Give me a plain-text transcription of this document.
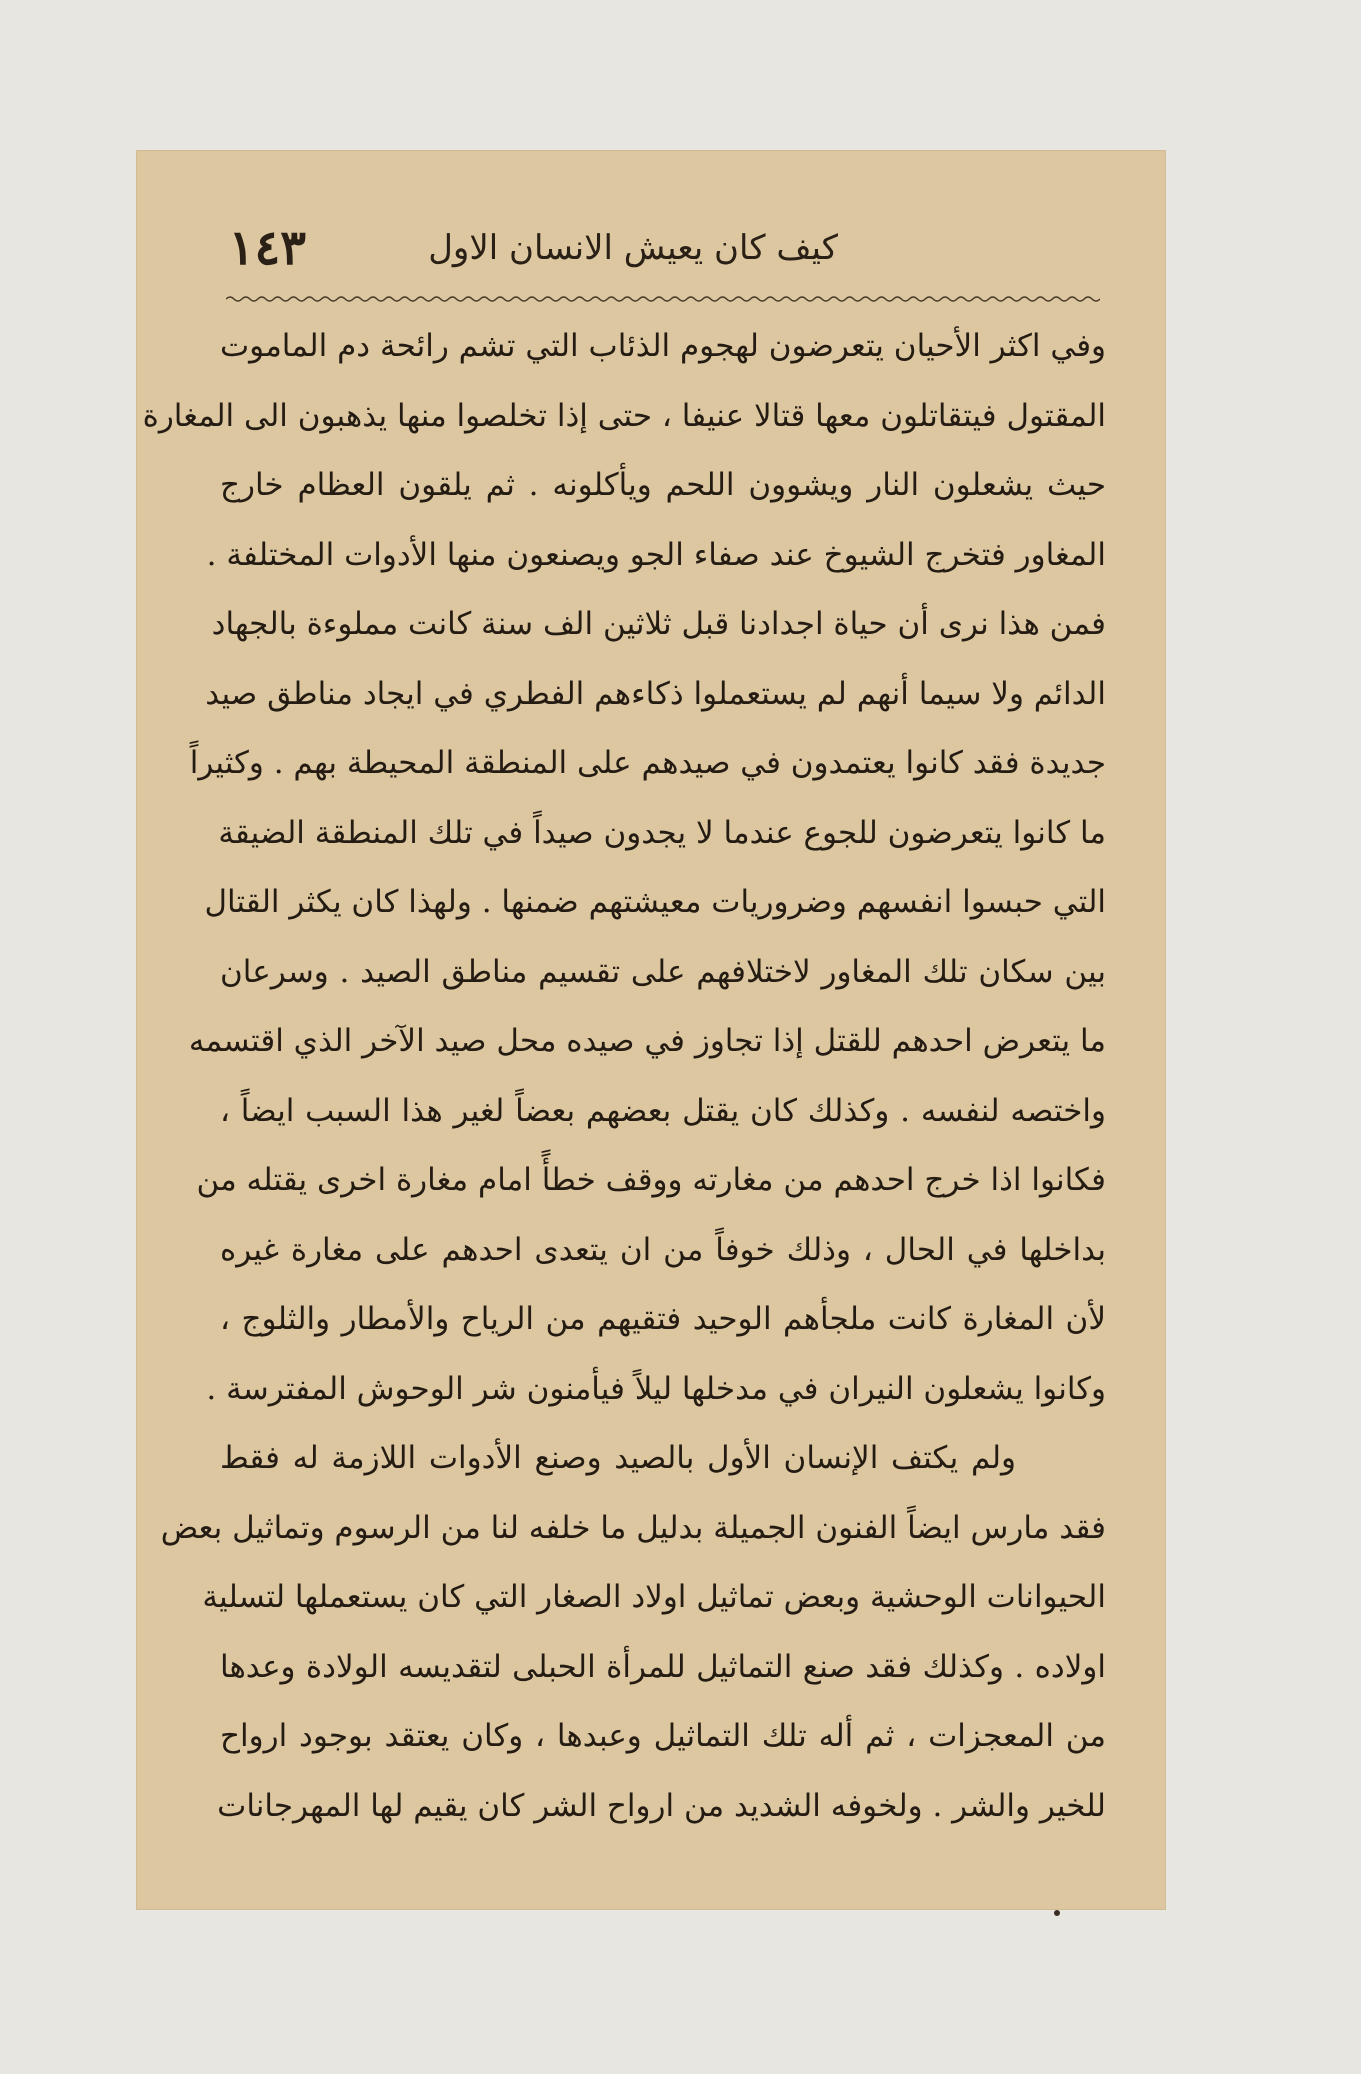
١٤٣	كيف كان يعيش الانسان الاول
وفي اكثر الأحيان يتعرضون لهجوم الذئاب التي تشم رائحة دم الماموت
المقتول فيتقاتلون معها قتالا عنيفا ، حتى إذا تخلصوا منها يذهبون الى المغارة
حيث يشعلون النار ويشوون اللحم ويأكلونه . ثم يلقون العظام خارج
المغاور فتخرج الشيوخ عند صفاء الجو ويصنعون منها الأدوات المختلفة .
فمن هذا نرى أن حياة اجدادنا قبل ثلاثين الف سنة كانت مملوءة بالجهاد
الدائم ولا سيما أنهم لم يستعملوا ذكاءهم الفطري في ايجاد مناطق صيد
جديدة فقد كانوا يعتمدون في صيدهم على المنطقة المحيطة بهم . وكثيراً
ما كانوا يتعرضون للجوع عندما لا يجدون صيداً في تلك المنطقة الضيقة
التي حبسوا انفسهم وضروريات معيشتهم ضمنها . ولهذا كان يكثر القتال
بين سكان تلك المغاور لاختلافهم على تقسيم مناطق الصيد . وسرعان
ما يتعرض احدهم للقتل إذا تجاوز في صيده محل صيد الآخر الذي اقتسمه
واختصه لنفسه . وكذلك كان يقتل بعضهم بعضاً لغير هذا السبب ايضاً ،
فكانوا اذا خرج احدهم من مغارته ووقف خطأً امام مغارة اخرى يقتله من
بداخلها في الحال ، وذلك خوفاً من ان يتعدى احدهم على مغارة غيره
لأن المغارة كانت ملجأهم الوحيد فتقيهم من الرياح والأمطار والثلوج ،
وكانوا يشعلون النيران في مدخلها ليلاً فيأمنون شر الوحوش المفترسة .
ولم يكتف الإنسان الأول بالصيد وصنع الأدوات اللازمة له فقط
فقد مارس ايضاً الفنون الجميلة بدليل ما خلفه لنا من الرسوم وتماثيل بعض
الحيوانات الوحشية وبعض تماثيل اولاد الصغار التي كان يستعملها لتسلية
اولاده . وكذلك فقد صنع التماثيل للمرأة الحبلى لتقديسه الولادة وعدها
من المعجزات ، ثم أله تلك التماثيل وعبدها ، وكان يعتقد بوجود ارواح
للخير والشر . ولخوفه الشديد من ارواح الشر كان يقيم لها المهرجانات
